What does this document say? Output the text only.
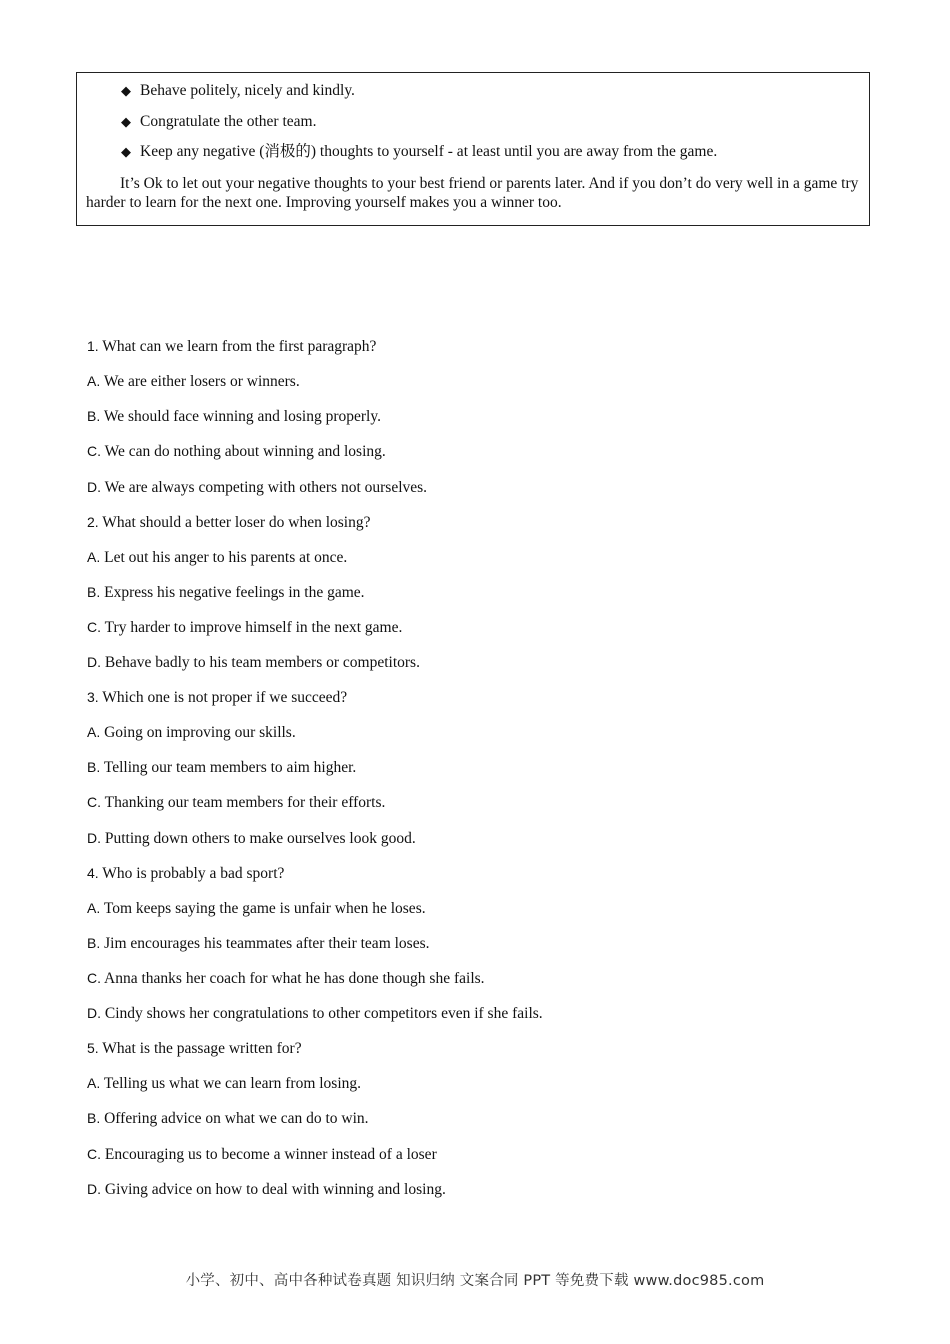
◆ Behave politely, nicely and kindly.
◆ Congratulate the other team.
◆ Keep any negative (消极的) thoughts to yourself - at least until you are away from the game.
It’s Ok to let out your negative thoughts to your best friend or parents later. And if you don’t do very well in a game try harder to learn for the next one. Improving yourself makes you a winner too.
1. What can we learn from the first paragraph?
A. We are either losers or winners.
B. We should face winning and losing properly.
C. We can do nothing about winning and losing.
D. We are always competing with others not ourselves.
2. What should a better loser do when losing?
A. Let out his anger to his parents at once.
B. Express his negative feelings in the game.
C. Try harder to improve himself in the next game.
D. Behave badly to his team members or competitors.
3. Which one is not proper if we succeed?
A. Going on improving our skills.
B. Telling our team members to aim higher.
C. Thanking our team members for their efforts.
D. Putting down others to make ourselves look good.
4. Who is probably a bad sport?
A. Tom keeps saying the game is unfair when he loses.
B. Jim encourages his teammates after their team loses.
C. Anna thanks her coach for what he has done though she fails.
D. Cindy shows her congratulations to other competitors even if she fails.
5. What is the passage written for?
A. Telling us what we can learn from losing.
B. Offering advice on what we can do to win.
C. Encouraging us to become a winner instead of a loser
D. Giving advice on how to deal with winning and losing.
小学、初中、高中各种试卷真题 知识归纳 文案合同 PPT 等免费下载 www.doc985.com
